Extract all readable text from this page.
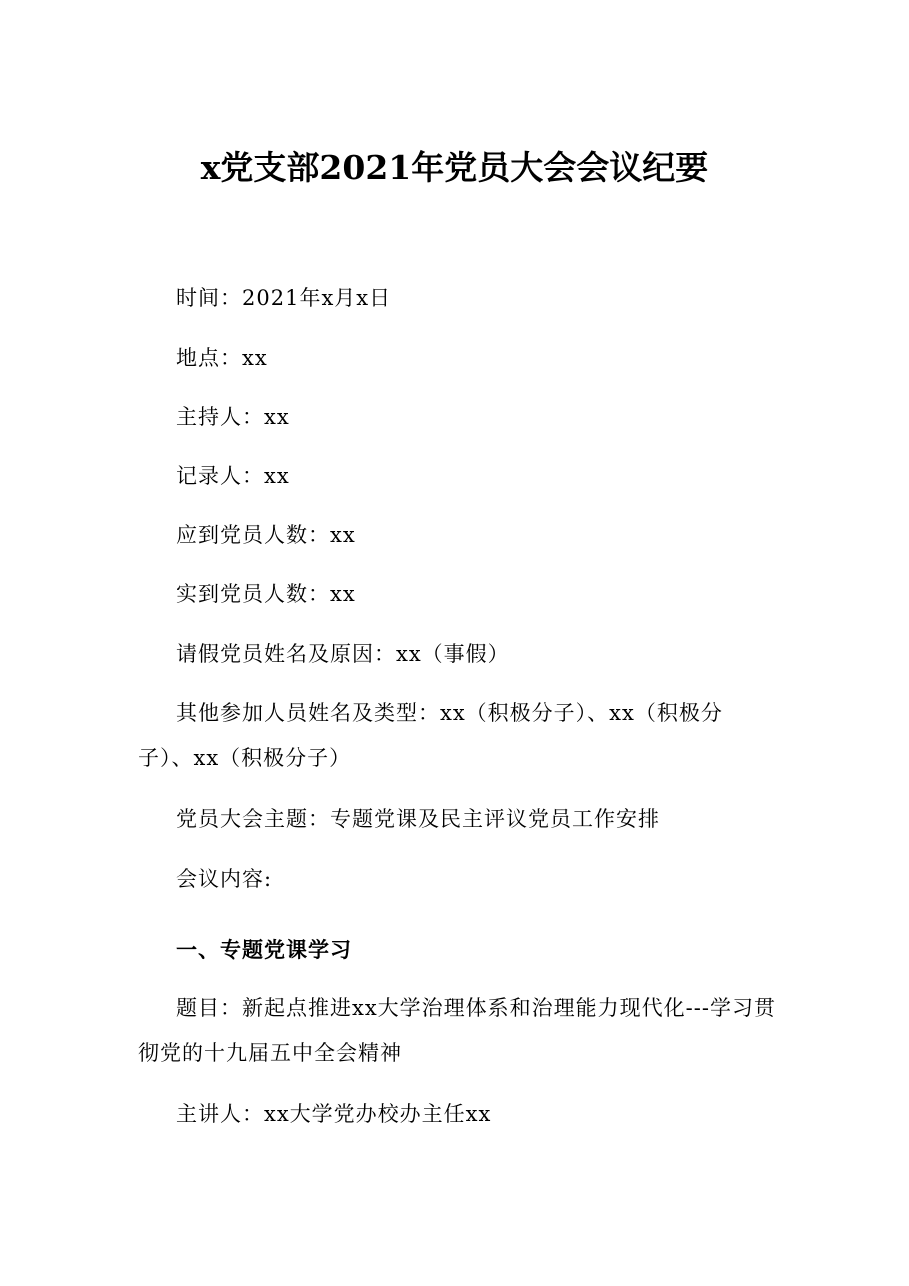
x党支部2021年党员大会会议纪要

时间：2021年x月x日

地点：xx

主持人：xx

记录人：xx

应到党员人数：xx

实到党员人数：xx

请假党员姓名及原因：xx（事假）

其他参加人员姓名及类型：xx（积极分子）、xx（积极分子）、xx（积极分子）

党员大会主题：专题党课及民主评议党员工作安排

会议内容:

一、专题党课学习

题目：新起点推进xx大学治理体系和治理能力现代化---学习贯彻党的十九届五中全会精神

主讲人：xx大学党办校办主任xx
